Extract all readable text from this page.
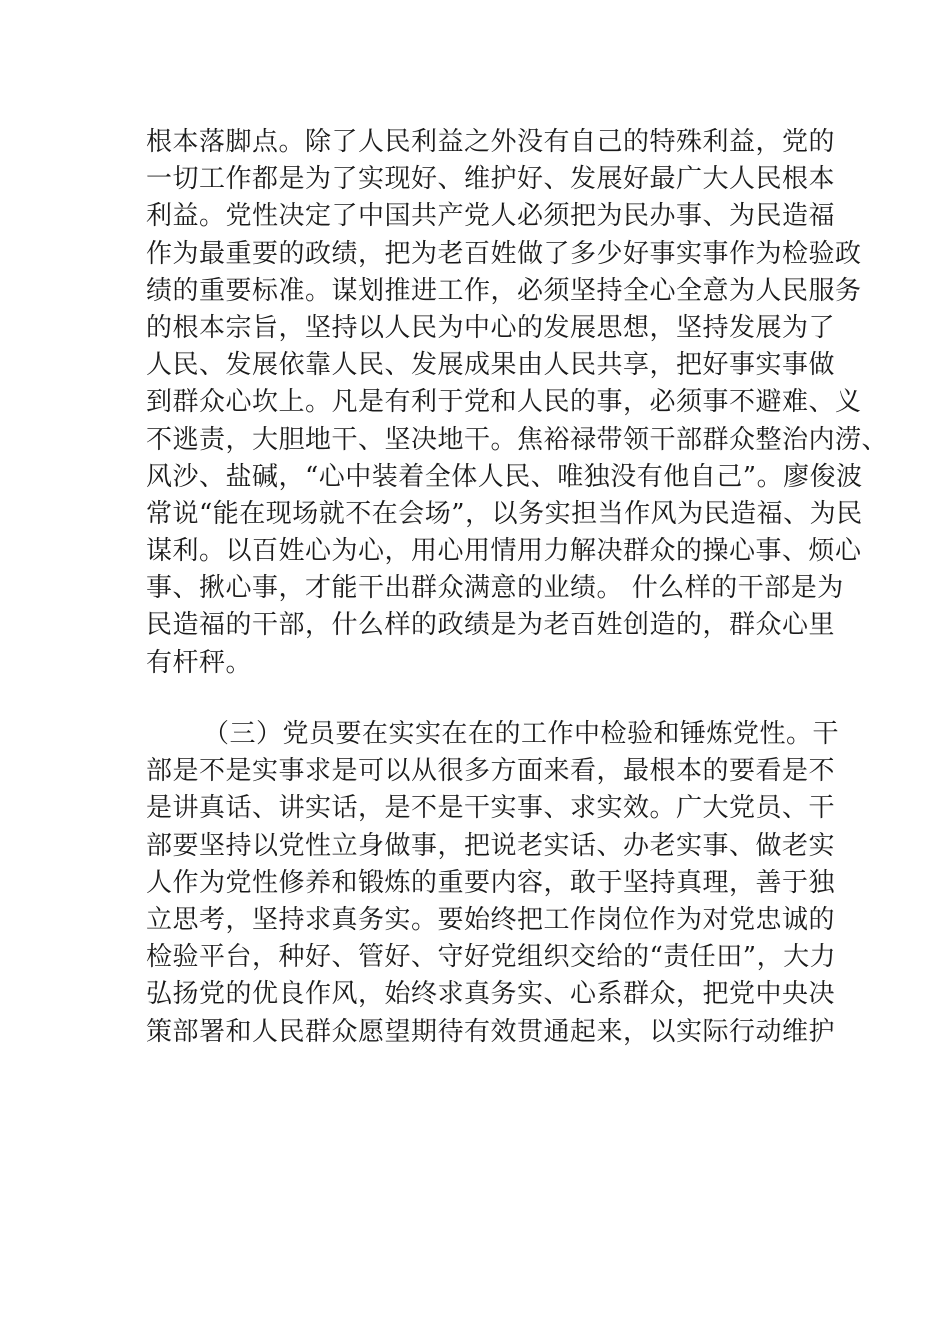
根本落脚点。除了人民利益之外没有自己的特殊利益，党的
一切工作都是为了实现好、维护好、发展好最广大人民根本
利益。党性决定了中国共产党人必须把为民办事、为民造福
作为最重要的政绩，把为老百姓做了多少好事实事作为检验政
绩的重要标准。谋划推进工作，必须坚持全心全意为人民服务
的根本宗旨，坚持以人民为中心的发展思想，坚持发展为了
人民、发展依靠人民、发展成果由人民共享，把好事实事做
到群众心坎上。凡是有利于党和人民的事，必须事不避难、义
不逃责，大胆地干、坚决地干。焦裕禄带领干部群众整治内涝、
风沙、盐碱，“心中装着全体人民、唯独没有他自己”。廖俊波
常说“能在现场就不在会场”，以务实担当作风为民造福、为民
谋利。以百姓心为心，用心用情用力解决群众的操心事、烦心
事、揪心事，才能干出群众满意的业绩。 什么样的干部是为
民造福的干部，什么样的政绩是为老百姓创造的，群众心里
有杆秤。
（三）党员要在实实在在的工作中检验和锤炼党性。干
部是不是实事求是可以从很多方面来看，最根本的要看是不
是讲真话、讲实话，是不是干实事、求实效。广大党员、干
部要坚持以党性立身做事，把说老实话、办老实事、做老实
人作为党性修养和锻炼的重要内容，敢于坚持真理，善于独
立思考，坚持求真务实。要始终把工作岗位作为对党忠诚的
检验平台，种好、管好、守好党组织交给的“责任田”，大力
弘扬党的优良作风，始终求真务实、心系群众，把党中央决
策部署和人民群众愿望期待有效贯通起来，以实际行动维护
